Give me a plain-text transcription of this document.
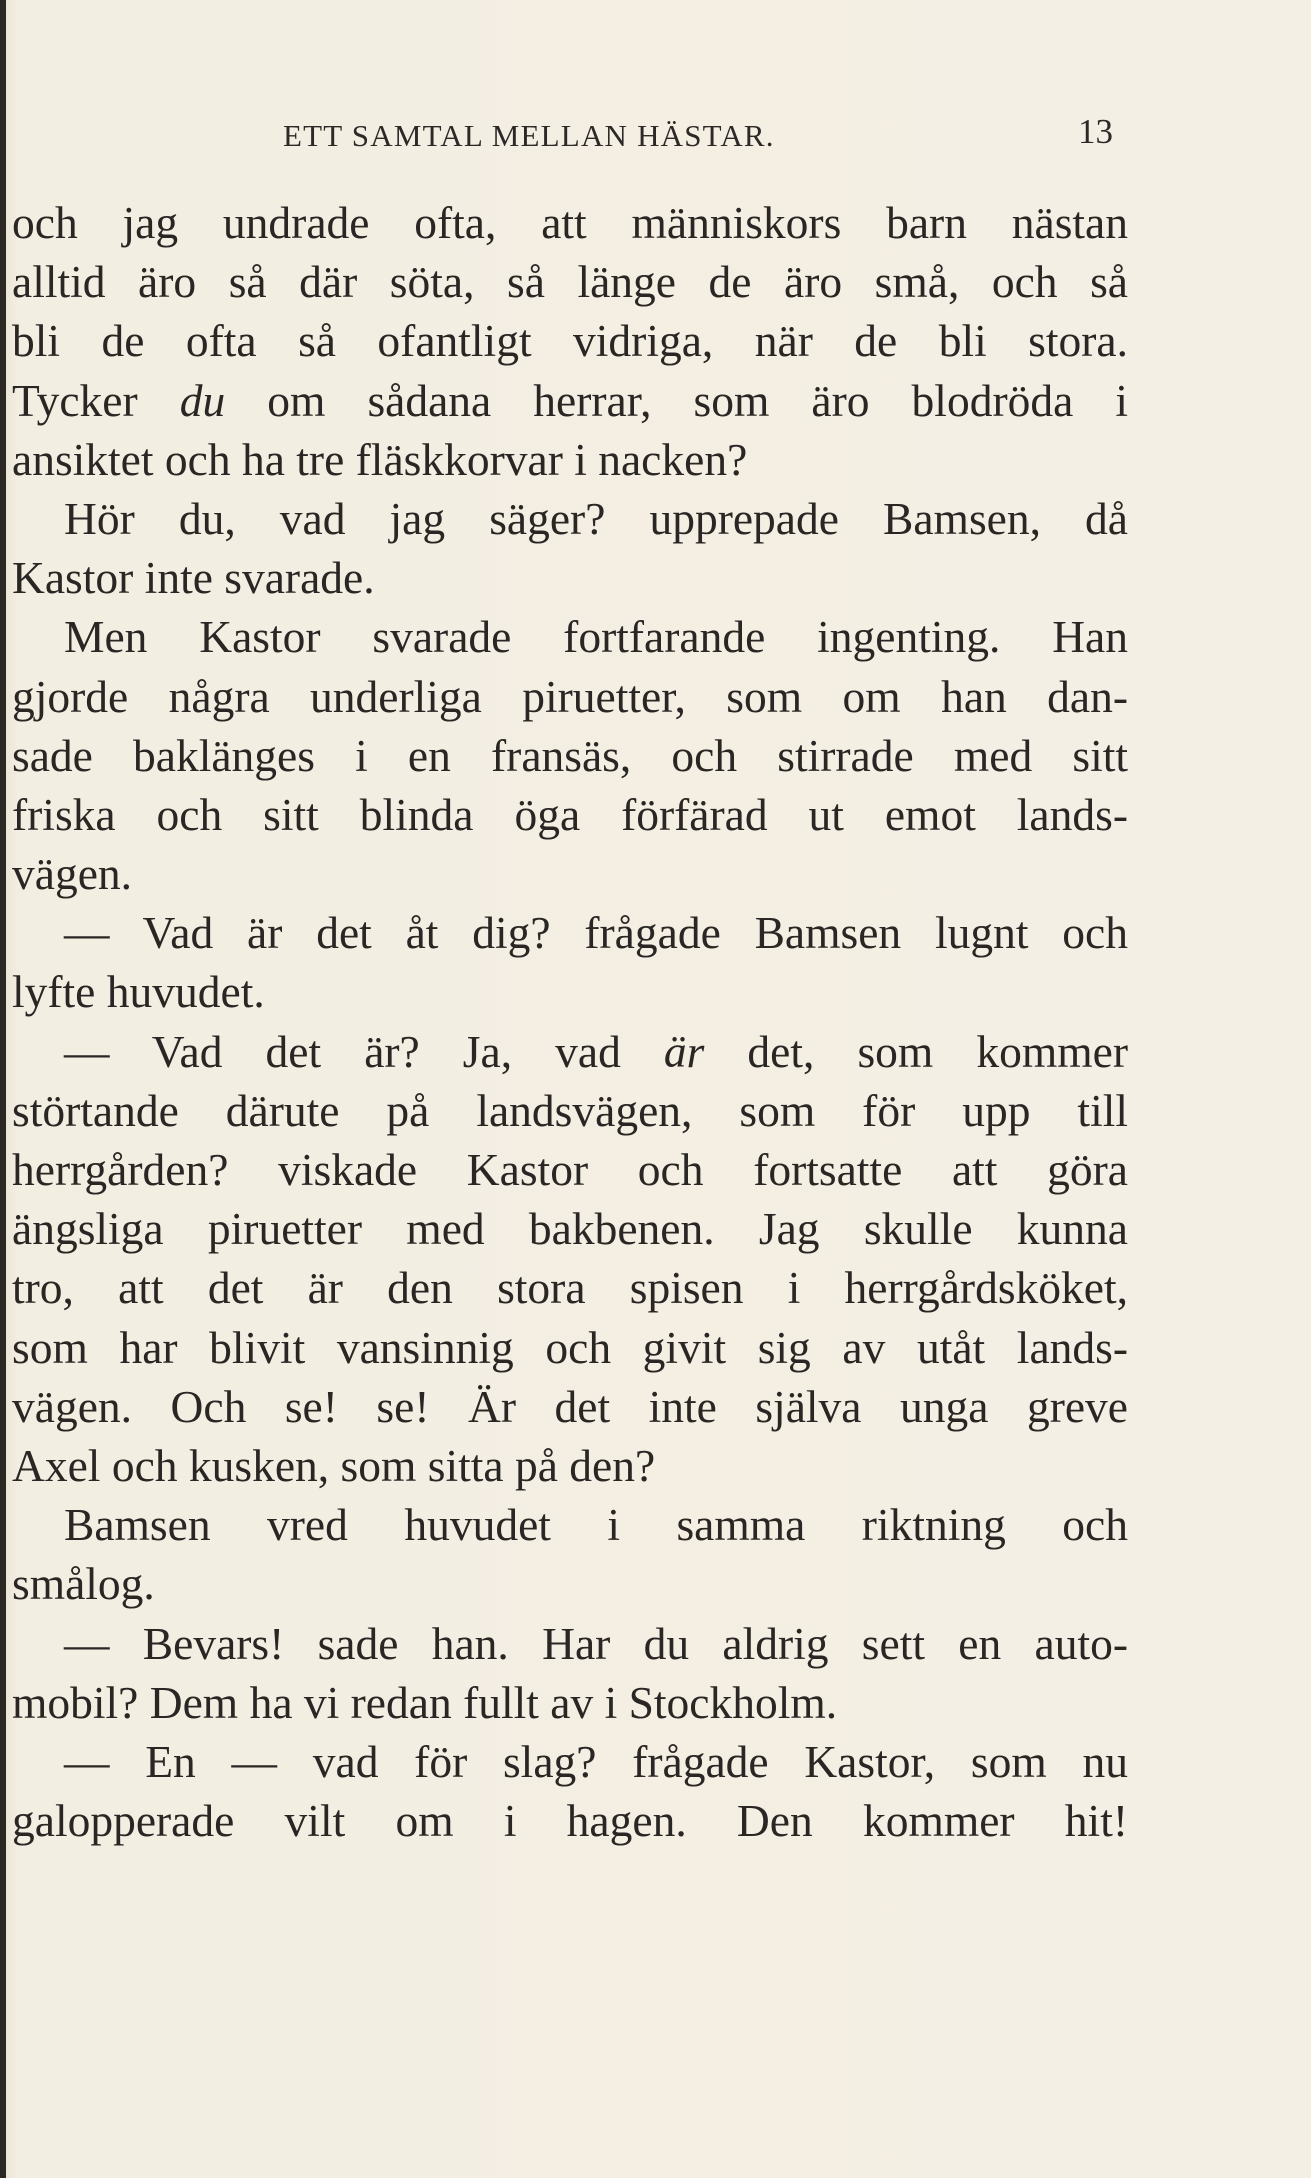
ETT SAMTAL MELLAN HÄSTAR.	13
och jag undrade ofta, att människors barn nästan
alltid äro så där söta, så länge de äro små, och så
bli de ofta så ofantligt vidriga, när de bli stora.
Tycker du om sådana herrar, som äro blodröda i
ansiktet och ha tre fläskkorvar i nacken?
Hör du, vad jag säger? upprepade Bamsen, då
Kastor inte svarade.
Men Kastor svarade fortfarande ingenting. Han
gjorde några underliga piruetter, som om han dan-
sade baklänges i en fransäs, och stirrade med sitt
friska och sitt blinda öga förfärad ut emot lands-
vägen.
— Vad är det åt dig? frågade Bamsen lugnt och
lyfte huvudet.
— Vad det är? Ja, vad är det, som kommer
störtande därute på landsvägen, som för upp till
herrgården? viskade Kastor och fortsatte att göra
ängsliga piruetter med bakbenen. Jag skulle kunna
tro, att det är den stora spisen i herrgårdsköket,
som har blivit vansinnig och givit sig av utåt lands-
vägen. Och se! se! Är det inte själva unga greve
Axel och kusken, som sitta på den?
Bamsen vred huvudet i samma riktning och
smålog.
— Bevars! sade han. Har du aldrig sett en auto-
mobil? Dem ha vi redan fullt av i Stockholm.
— En — vad för slag? frågade Kastor, som nu
galopperade vilt om i hagen. Den kommer hit!
